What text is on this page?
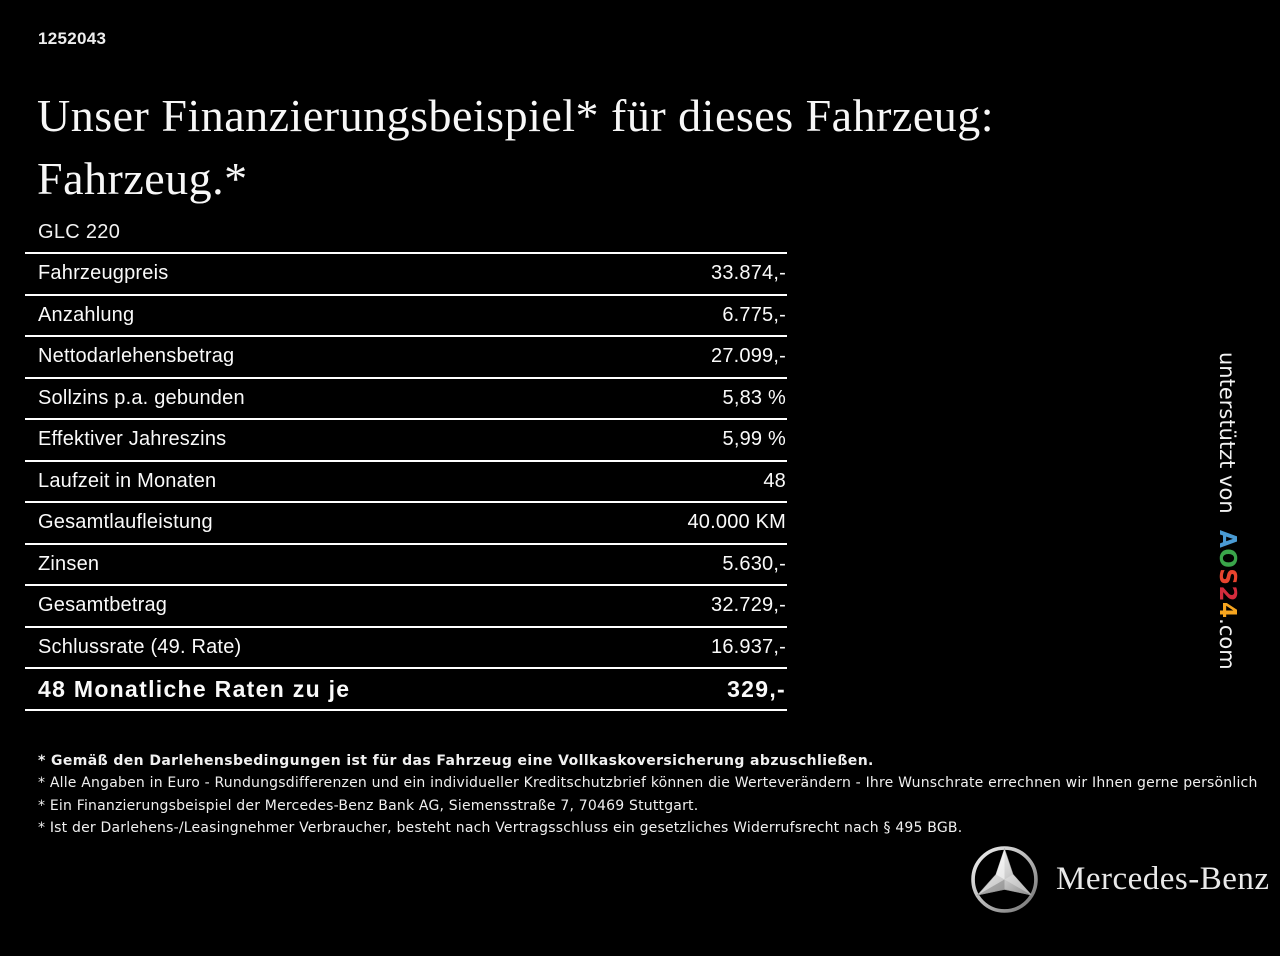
1252043
Unser Finanzierungsbeispiel* für dieses Fahrzeug:
Fahrzeug.*
GLC 220
Fahrzeugpreis	33.874,-
Anzahlung	6.775,-
Nettodarlehensbetrag	27.099,-
Sollzins p.a. gebunden	5,83 %
Effektiver Jahreszins	5,99 %
Laufzeit in Monaten	48
Gesamtlaufleistung	40.000 KM
Zinsen	5.630,-
Gesamtbetrag	32.729,-
Schlussrate (49. Rate)	16.937,-
48 Monatliche Raten zu je	329,-
* Gemäß den Darlehensbedingungen ist für das Fahrzeug eine Vollkaskoversicherung abzuschließen.
* Alle Angaben in Euro - Rundungsdifferenzen und ein individueller Kreditschutzbrief können die Werteverändern - Ihre Wunschrate errechnen wir Ihnen gerne persönlich
* Ein Finanzierungsbeispiel der Mercedes-Benz Bank AG, Siemensstraße 7, 70469 Stuttgart.
* Ist der Darlehens-/Leasingnehmer Verbraucher, besteht nach Vertragsschluss ein gesetzliches Widerrufsrecht nach § 495 BGB.
unterstützt vonAOS24.com
Mercedes-Benz
